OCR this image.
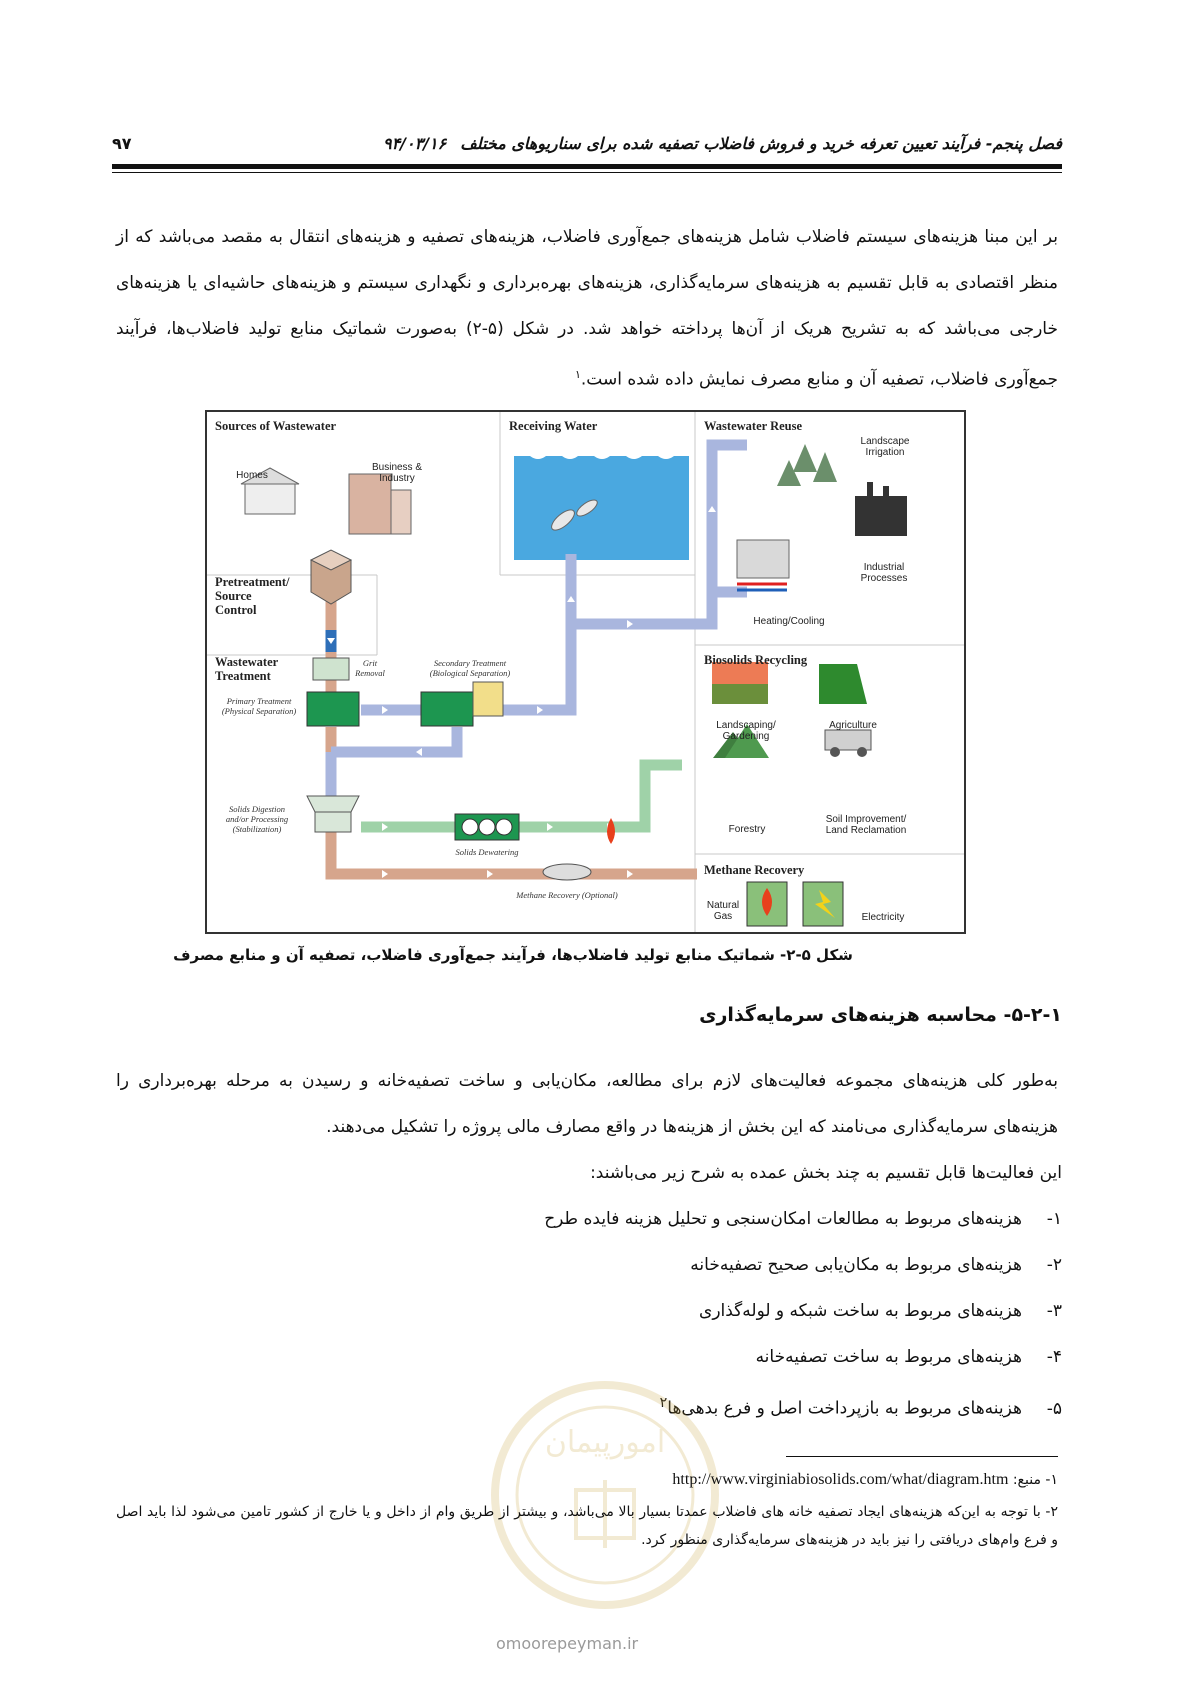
فصل پنجم- فرآیند تعیین تعرفه خرید و فروش فاضلاب تصفیه شده برای سناریوهای مختلف۹۴/۰۳/۱۶
۹۷
بر این مبنا هزینه‌های سیستم فاضلاب شامل هزینه‌های جمع‌آوری فاضلاب، هزینه‌های تصفیه و هزینه‌های انتقال به مقصد می‌باشد که از منظر اقتصادی به قابل تقسیم به هزینه‌های سرمایه‌گذاری، هزینه‌های بهره‌برداری و نگهداری سیستم و هزینه‌های حاشیه‌ای یا هزینه‌های خارجی می‌باشد که به تشریح هریک از آن‌ها پرداخته خواهد شد. در شکل (۵-۲) به‌صورت شماتیک منابع تولید فاضلاب‌ها، فرآیند جمع‌آوری فاضلاب، تصفیه آن و منابع مصرف نمایش داده شده است.$^۱$
Sources of Wastewater	Receiving Water	Wastewater Reuse
Pretreatment/
Source
Control
Wastewater
Treatment
Biosolids Recycling
Methane Recovery
Homes
Business &
Industry
Landscape
Irrigation
Industrial
Processes
Heating/Cooling
Landscaping/
Gardening
Agriculture
Forestry
Soil Improvement/
Land Reclamation
Natural
Gas	Electricity
Grit
Removal
Secondary Treatment
(Biological Separation)
Primary Treatment
(Physical Separation)
Solids Digestion
and/or Processing
(Stabilization)
Solids Dewatering
Methane Recovery (Optional)
شکل ۵-۲- شماتیک منابع تولید فاضلاب‌ها، فرآیند جمع‌آوری فاضلاب، تصفیه آن و منابع مصرف
۵-۲-۱- محاسبه هزینه‌های سرمایه‌گذاری
به‌طور کلی هزینه‌های مجموعه فعالیت‌های لازم برای مطالعه، مکان‌یابی و ساخت تصفیه‌خانه و رسیدن به مرحله بهره‌برداری را هزینه‌های سرمایه‌گذاری می‌نامند که این بخش از هزینه‌ها در واقع مصارف مالی پروژه را تشکیل می‌دهند.
این فعالیت‌ها قابل تقسیم به چند بخش عمده به شرح زیر می‌باشند:
۱-هزینه‌های مربوط به مطالعات امکان‌سنجی و تحلیل هزینه فایده طرح
۲-هزینه‌های مربوط به مکان‌یابی صحیح تصفیه‌خانه
۳-هزینه‌های مربوط به ساخت شبکه و لوله‌گذاری
۴-هزینه‌های مربوط به ساخت تصفیه‌خانه
۵-هزینه‌های مربوط به بازپرداخت اصل و فرع بدهی‌ها$^۲$
امورپیمان
omoorepeyman.ir
۱- منبع: http://www.virginiabiosolids.com/what/diagram.htm
۲- با توجه به این‌که هزینه‌های ایجاد تصفیه خانه های فاضلاب عمدتا بسیار بالا می‌باشد، و بیشتر از طریق وام از داخل و یا خارج از کشور تامین می‌شود لذا باید اصل و فرع وام‌های دریافتی را نیز باید در هزینه‌های سرمایه‌گذاری منظور کرد.
